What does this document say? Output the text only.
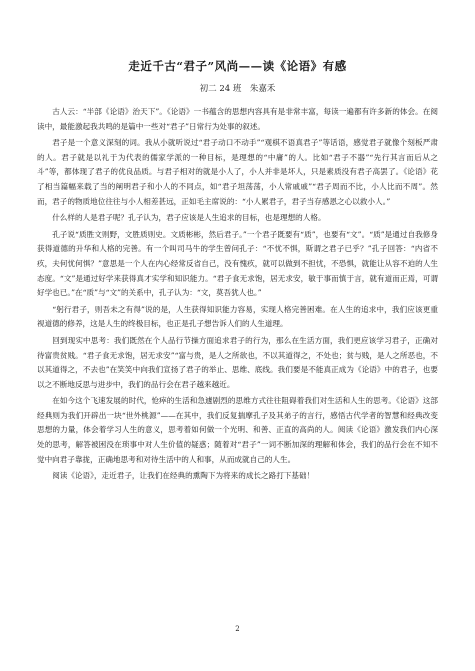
走近千古“君子”风尚——读《论语》有感
初二 24 班　朱嘉禾

古人云：“半部《论语》治天下”。《论语》一书蕴含的思想内容具有是非常丰富，每读一遍都有许多新的体会。在阅读中，最能激起我共鸣的是篇中一些对“君子”日常行为处事的叙述。

君子是一个意义深刻的词。我从小就听说过“君子动口不动手”“观棋不语真君子”等话语，感觉君子就像个刻板严肃的人。君子就是以礼于为代表的儒家学派的一种目标，是理想的“中庸”的人。比如“君子不器”“先行其言而后从之斗”等，都体现了君子的优良品质。与君子相对的就是小人了，小人并非是坏人，只是素质没有君子高罢了。《论语》花了相当篇幅来载了当的阐明君子和小人的不同点，如“君子坦荡荡，小人常戚戚”“君子周而不比，小人比而不周”。然而，君子的物质地位往往与小人相差甚远，正如毛主席说的：“小人累君子，君子当存感恩之心以救小人。”

什么样的人是君子呢？孔子认为，君子应该是人生追求的目标，也是理想的人格。

孔子说“质胜文则野，文胜质则史。文质彬彬，然后君子。”一个君子既要有“质”，也要有“文”。“质”是通过自我修身获得道德的升华和人格的完善。有一个叫司马牛的学生曾问孔子：“不忧不惧，斯谓之君子已乎？”孔子回答：“内省不疚，夫何忧何惧？”意思是一个人在内心经常反省自己，没有愧疚，就可以做到不担忧，不恐惧，就能让从容不迫的人生态度。“文”是通过好学来获得真才实学和知识能力。“君子食无求饱，居无求安，敏于事而慎于言，就有道而正焉，可谓好学也已。”在“质”与“文”的关系中，孔子认为：“文，莫吾犹人也。”

“躬行君子，则吾未之有得”说的是，人生获得知识能力容易，实现人格完善困难。在人生的追求中，我们应该更重视道德的修养，这是人生的终极目标，也正是孔子想告诉人们的人生道理。

回到现实中思考：我们既然在个人品行节操方面追求君子的行为，那么在生活方面，我们更应该学习君子，正确对待富贵贫贱。“君子食无求饱，居无求安”“富与贵，是人之所欲也，不以其道得之，不处也；贫与贱，是人之所恶也，不以其道得之，不去也”在笑笑中向我们宣扬了君子的举止、思维、底线。我们要是不能真正成为《论语》中的君子，也要以之不断地反思与进步中，我们的品行会在君子越来越近。

在如今这个飞速发展的时代，怆瘁的生活和急遽剧烈的思维方式往往阻碍着我们对生活和人生的思考。《论语》这部经典则为我们开辟出一块“世外桃源”——在其中，我们反复揣摩孔子及其弟子的言行，感悟古代学者的智慧和经典改变思想的力量，体会着学习人生的意义，思考着如何做一个光明、和善、正直的高尚的人。阅读《论语》激发我们内心深处的思考，解答被困没在琐事中对人生价值的疑惑；随着对“君子”一词不断加深的理解和体会，我们的品行会在不知不觉中向君子靠拢，正确地思考和对待生活中的人和事，从而成就自己的人生。

阅读《论语》，走近君子，让我们在经典的熏陶下为将来的成长之路打下基础！

2
